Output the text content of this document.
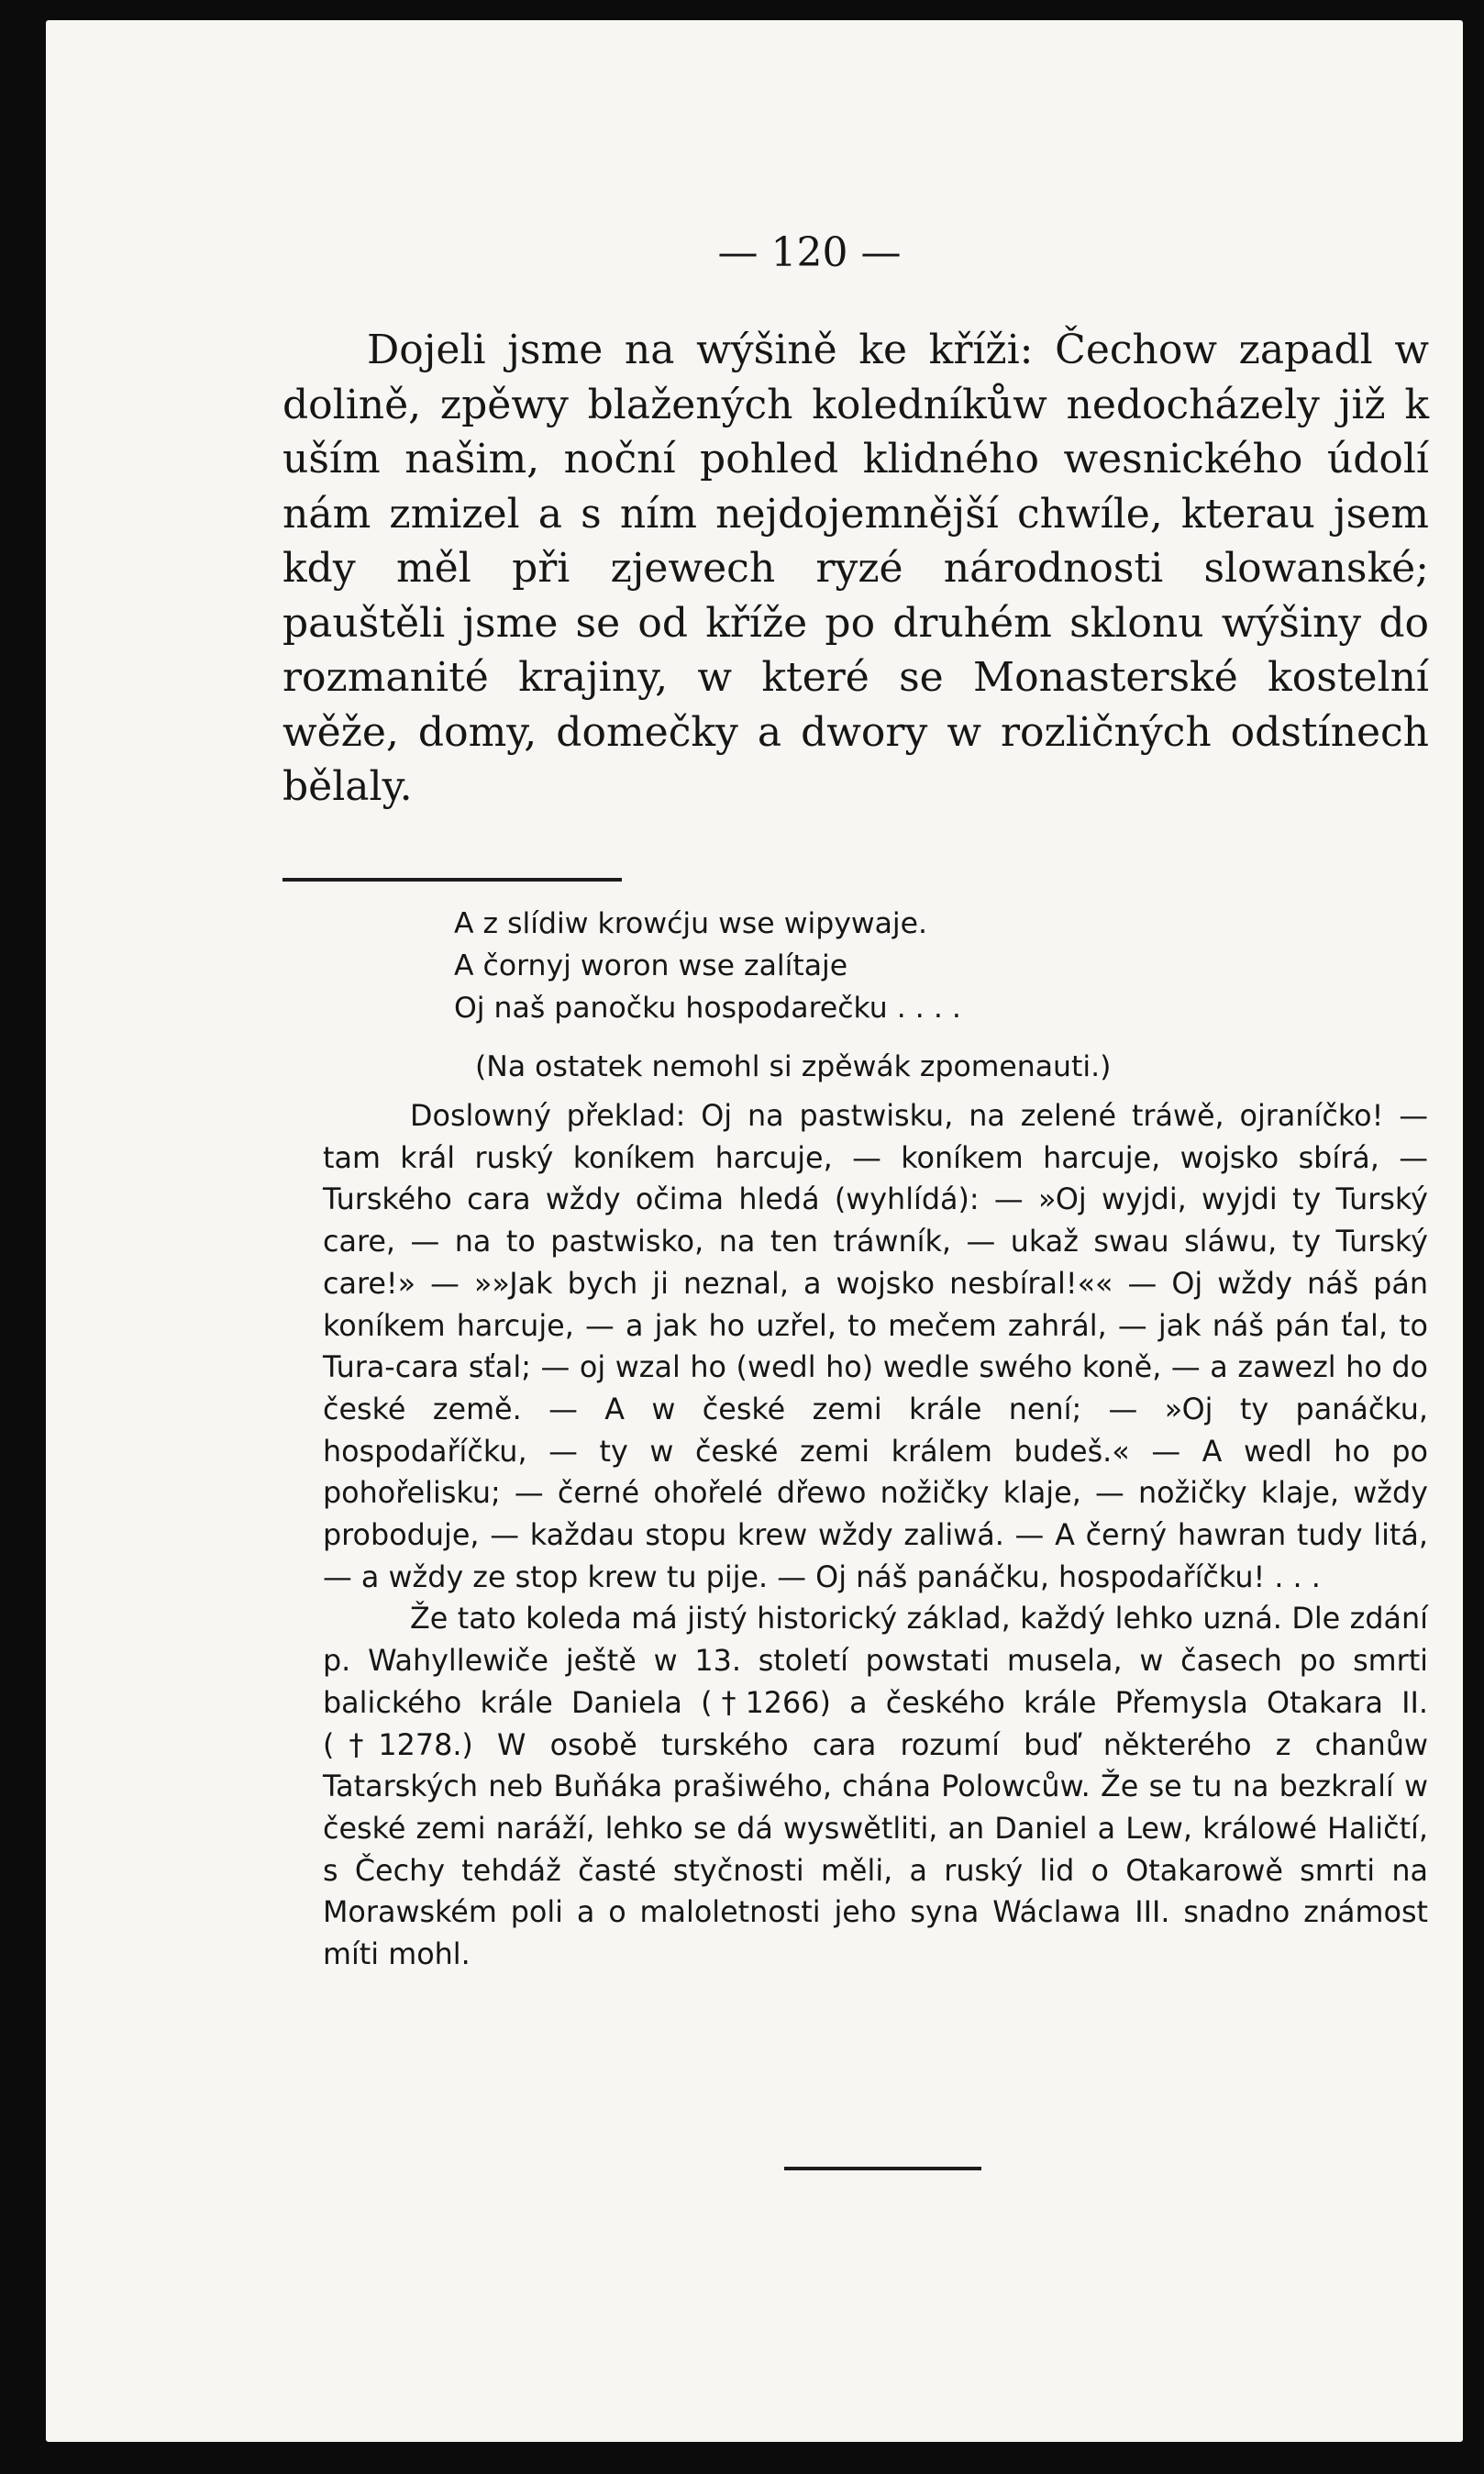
— 120 —
Dojeli jsme na wýšině ke kříži: Čechow zapadl w dolině, zpěwy blažených koledníkůw nedocházely již k uším našim, noční pohled klidného wesnického údolí nám zmizel a s ním nejdojemnější chwíle, kterau jsem kdy měl při zjewech ryzé národnosti slowanské; pauštěli jsme se od kříže po druhém sklonu wýšiny do rozmanité krajiny, w které se Monasterské kostelní wěže, domy, domečky a dwory w rozličných odstínech bělaly.
A z slídiw krowćju wse wipywaje.
A čornyj woron wse zalítaje
Oj naš panočku hospodarečku . . . .
(Na ostatek nemohl si zpěwák zpomenauti.)

Doslowný překlad: Oj na pastwisku, na zelené tráwě, ojraníčko! — tam král ruský koníkem harcuje, — koníkem harcuje, wojsko sbírá, — Turského cara wždy očima hledá (wyhlídá): — »Oj wyjdi, wyjdi ty Turský care, — na to pastwisko, na ten tráwník, — ukaž swau sláwu, ty Turský care!» — »»Jak bych ji neznal, a wojsko nesbíral!«« — Oj wždy náš pán koníkem harcuje, — a jak ho uzřel, to mečem zahrál, — jak náš pán ťal, to Tura-cara sťal; — oj wzal ho (wedl ho) wedle swého koně, — a zawezl ho do české země. — A w české zemi krále není; — »Oj ty panáčku, hospodaříčku, — ty w české zemi králem budeš.« — A wedl ho po pohořelisku; — černé ohořelé dřewo nožičky klaje, — nožičky klaje, wždy proboduje, — každau stopu krew wždy zaliwá. — A černý hawran tudy litá, — a wždy ze stop krew tu pije. — Oj náš panáčku, hospodaříčku! . . .

Že tato koleda má jistý historický základ, každý lehko uzná. Dle zdání p. Wahyllewiče ještě w 13. století powstati musela, w časech po smrti balického krále Daniela (†1266) a českého krále Přemysla Otakara II. (†1278.) W osobě turského cara rozumí buď některého z chanůw Tatarských neb Buňáka prašiwého, chána Polowcůw. Že se tu na bezkralí w české zemi naráží, lehko se dá wyswětliti, an Daniel a Lew, králowé Haličtí, s Čechy tehdáž časté styčnosti měli, a ruský lid o Otakarowě smrti na Morawském poli a o maloletnosti jeho syna Wáclawa III. snadno známost míti mohl.
